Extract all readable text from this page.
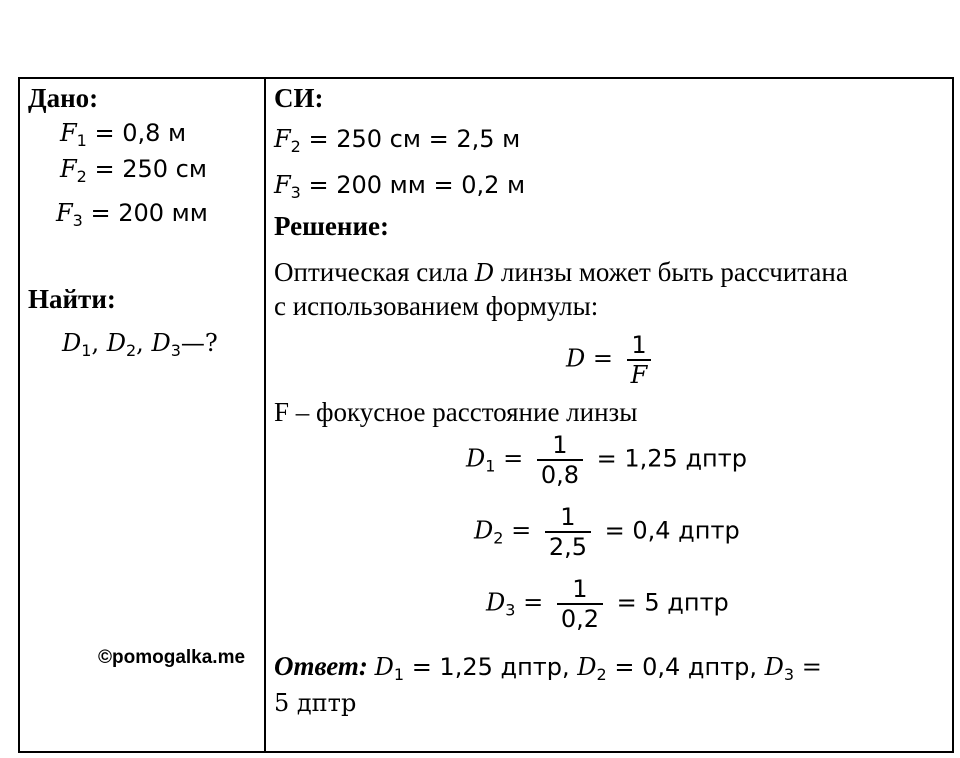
Дано:
$F_1 = 0,8$ м
$F_2 = 250$ см
$F_3 = 200$ мм
Найти:
$D_1$, $D_2$, $D_3—$?
©pomogalka.me
СИ:
$F_2 = 250$ см = 2,5 м
$F_3 = 200$ мм = 0,2 м
Решение:
Оптическая сила D линзы может быть рассчитана
с использованием формулы:
$D = \frac{1}{F}$
F – фокусное расстояние линзы
$D_1 = \frac{1}{0,8} = 1,25$ дптр
$D_2 = \frac{1}{2,5} = 0,4$ дптр
$D_3 = \frac{1}{0,2} = 5$ дптр
Ответ: $D_1 = 1,25$ дптр, $D_2 = 0,4$ дптр, $D_3$ =
5 дптр
